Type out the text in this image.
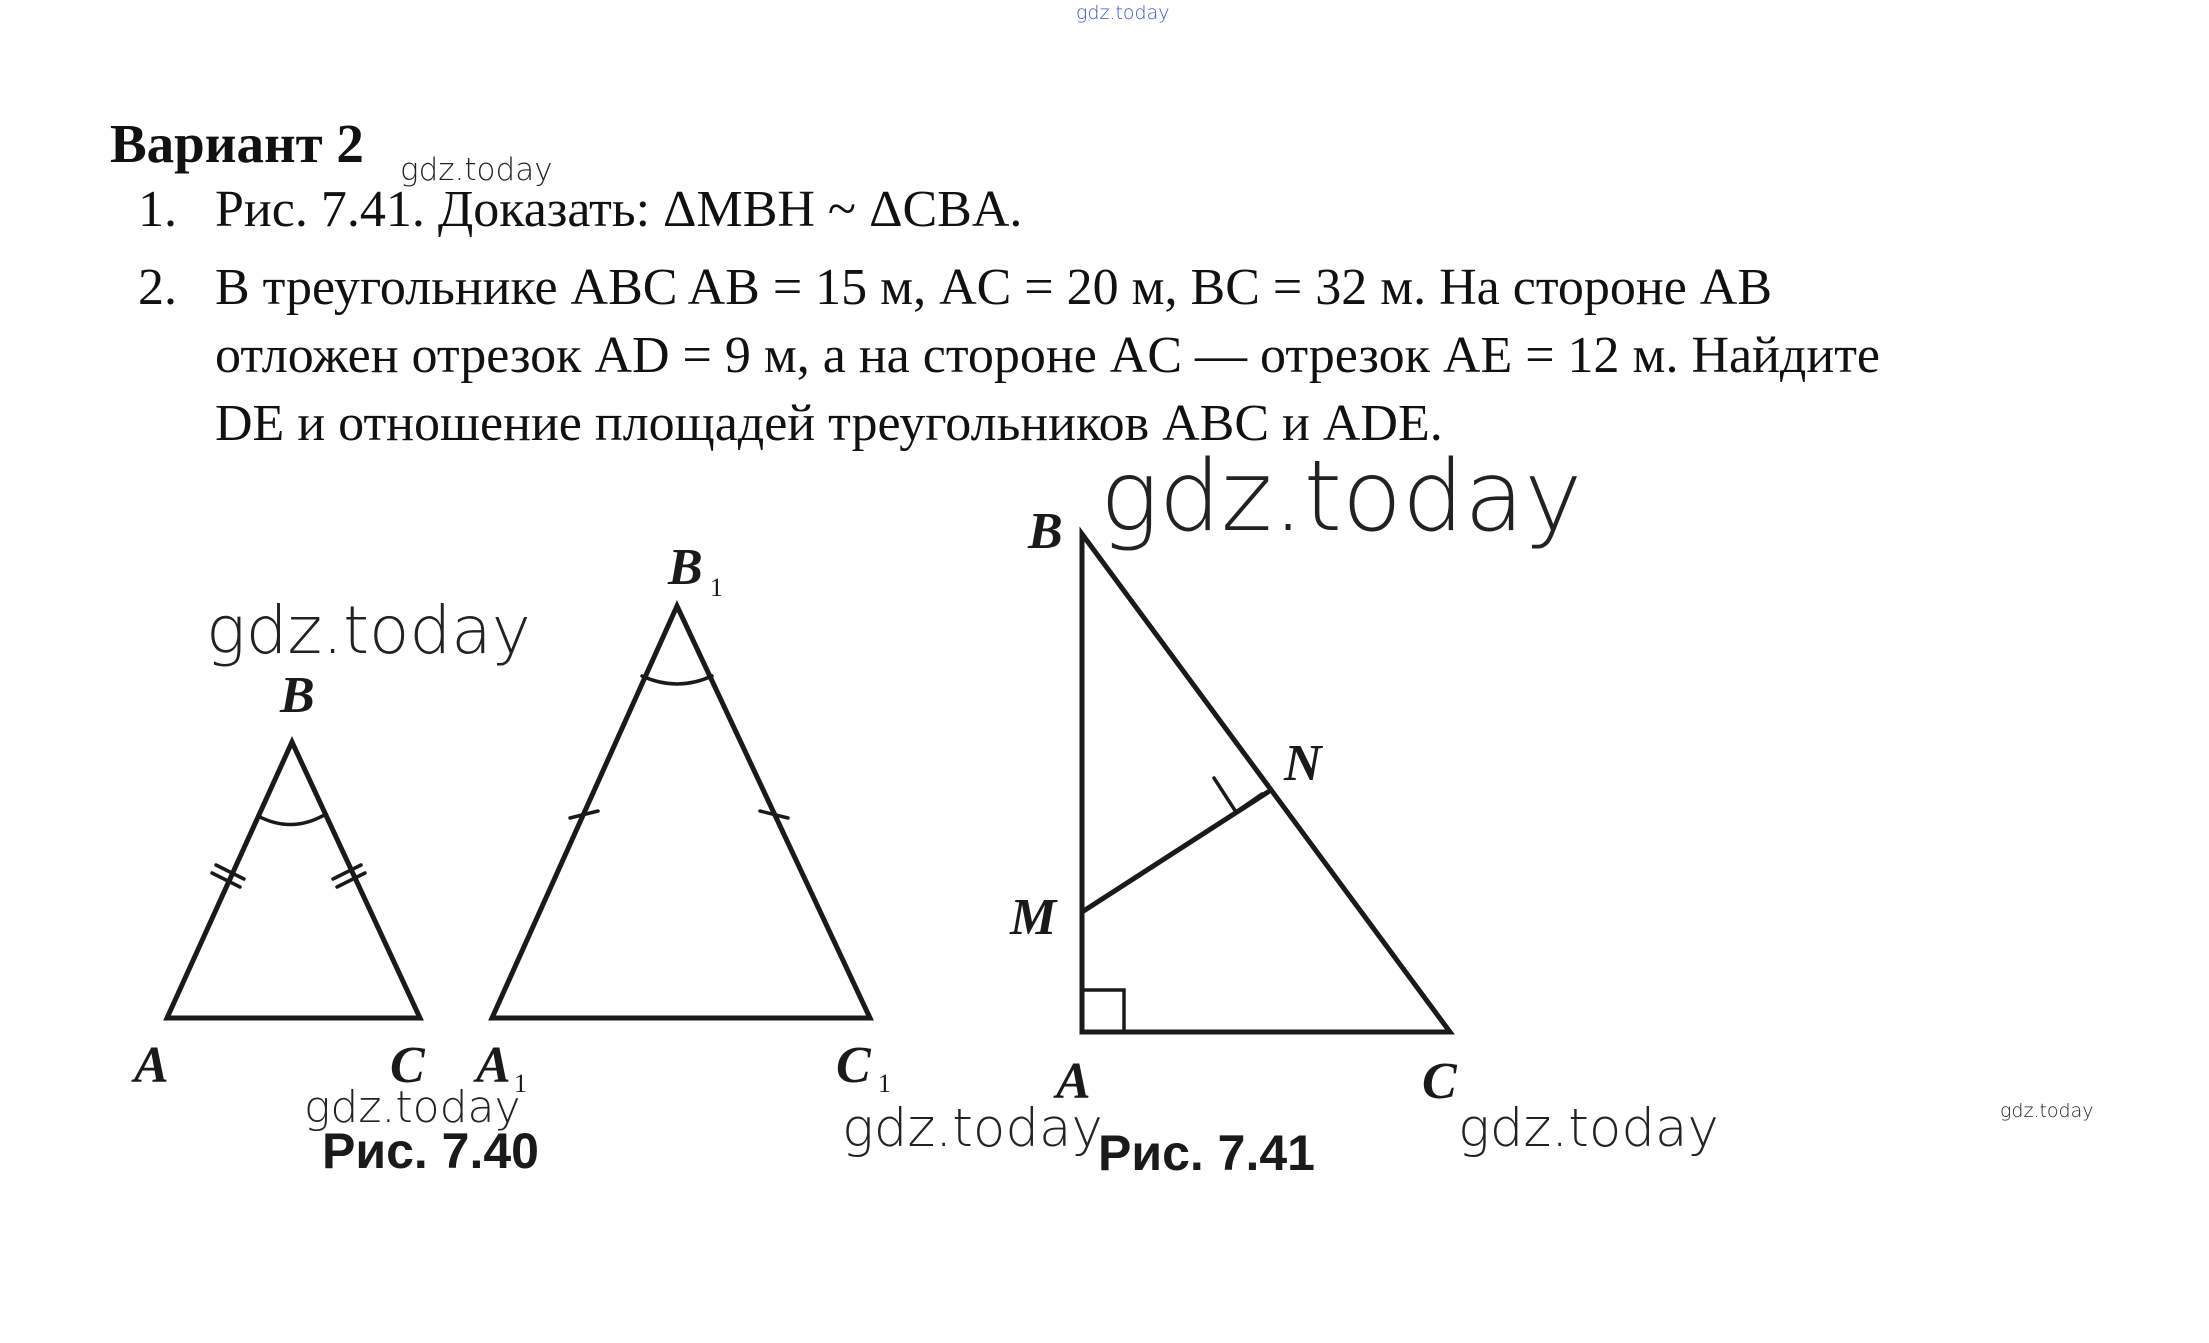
gdz.today
Вариант 2 gdz.today
1. Рис. 7.41. Доказать: ΔMBH ~ ΔCBA.
2. В треугольнике ABC AB = 15 м, AC = 20 м, BC = 32 м. На стороне AB
отложен отрезок AD = 9 м, а на стороне AC — отрезок AE = 12 м. Найдите
DE и отношение площадей треугольников ABC и ADE.
gdz.today
gdz.today
B
A	C
B 1
A 1	C 1
B
N
M
A	C
gdz.today
Рис. 7.40	gdz.today
Рис. 7.41	gdz.today	gdz.today
